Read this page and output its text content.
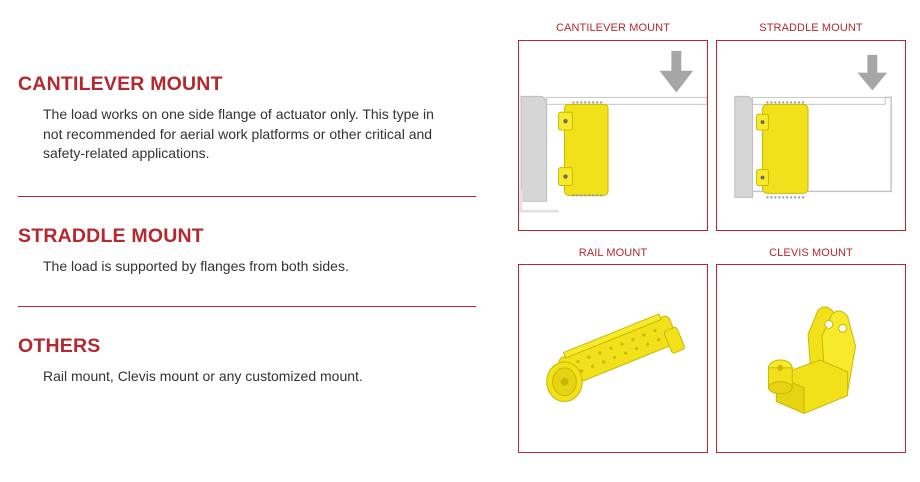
CANTILEVER MOUNT

The load works on one side flange of actuator only. This type in not recommended for aerial work platforms or other critical and safety-related applications.

STRADDLE MOUNT

The load is supported by flanges from both sides.

OTHERS

Rail mount, Clevis mount or any customized mount.

CANTILEVER MOUNT	STRADDLE MOUNT
RAIL MOUNT	CLEVIS MOUNT
